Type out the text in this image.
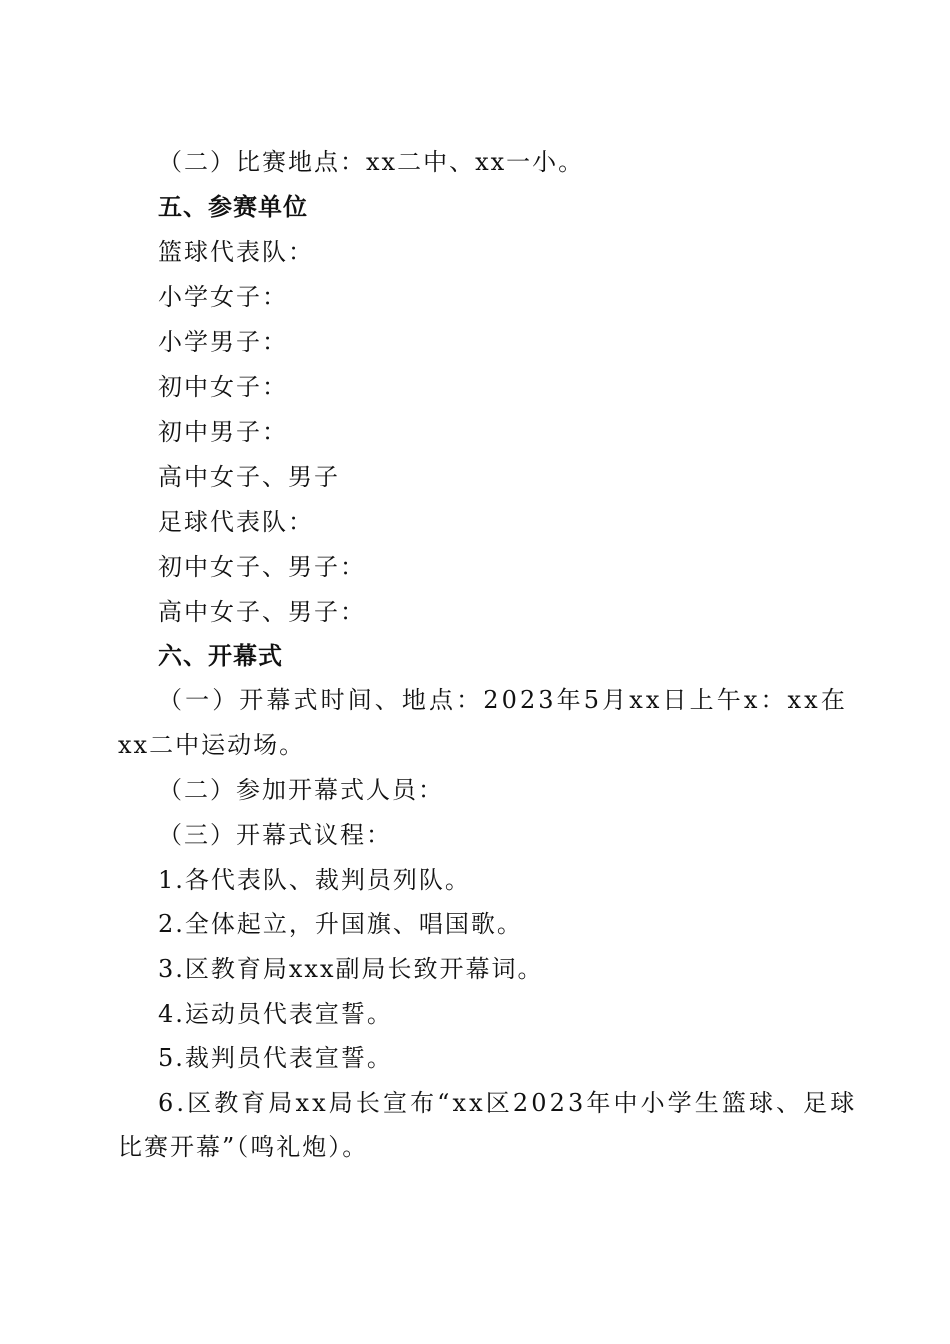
（二）比赛地点：xx二中、xx一小。
五、参赛单位
篮球代表队：
小学女子：
小学男子：
初中女子：
初中男子：
高中女子、男子
足球代表队：
初中女子、男子：
高中女子、男子：
六、开幕式
（一）开幕式时间、地点：2023年5月xx日上午x：xx在
xx二中运动场。
（二）参加开幕式人员：
（三）开幕式议程：
1.各代表队、裁判员列队。
2.全体起立，升国旗、唱国歌。
3.区教育局xxx副局长致开幕词。
4.运动员代表宣誓。
5.裁判员代表宣誓。
6.区教育局xx局长宣布“xx区2023年中小学生篮球、足球
比赛开幕”（鸣礼炮）。
